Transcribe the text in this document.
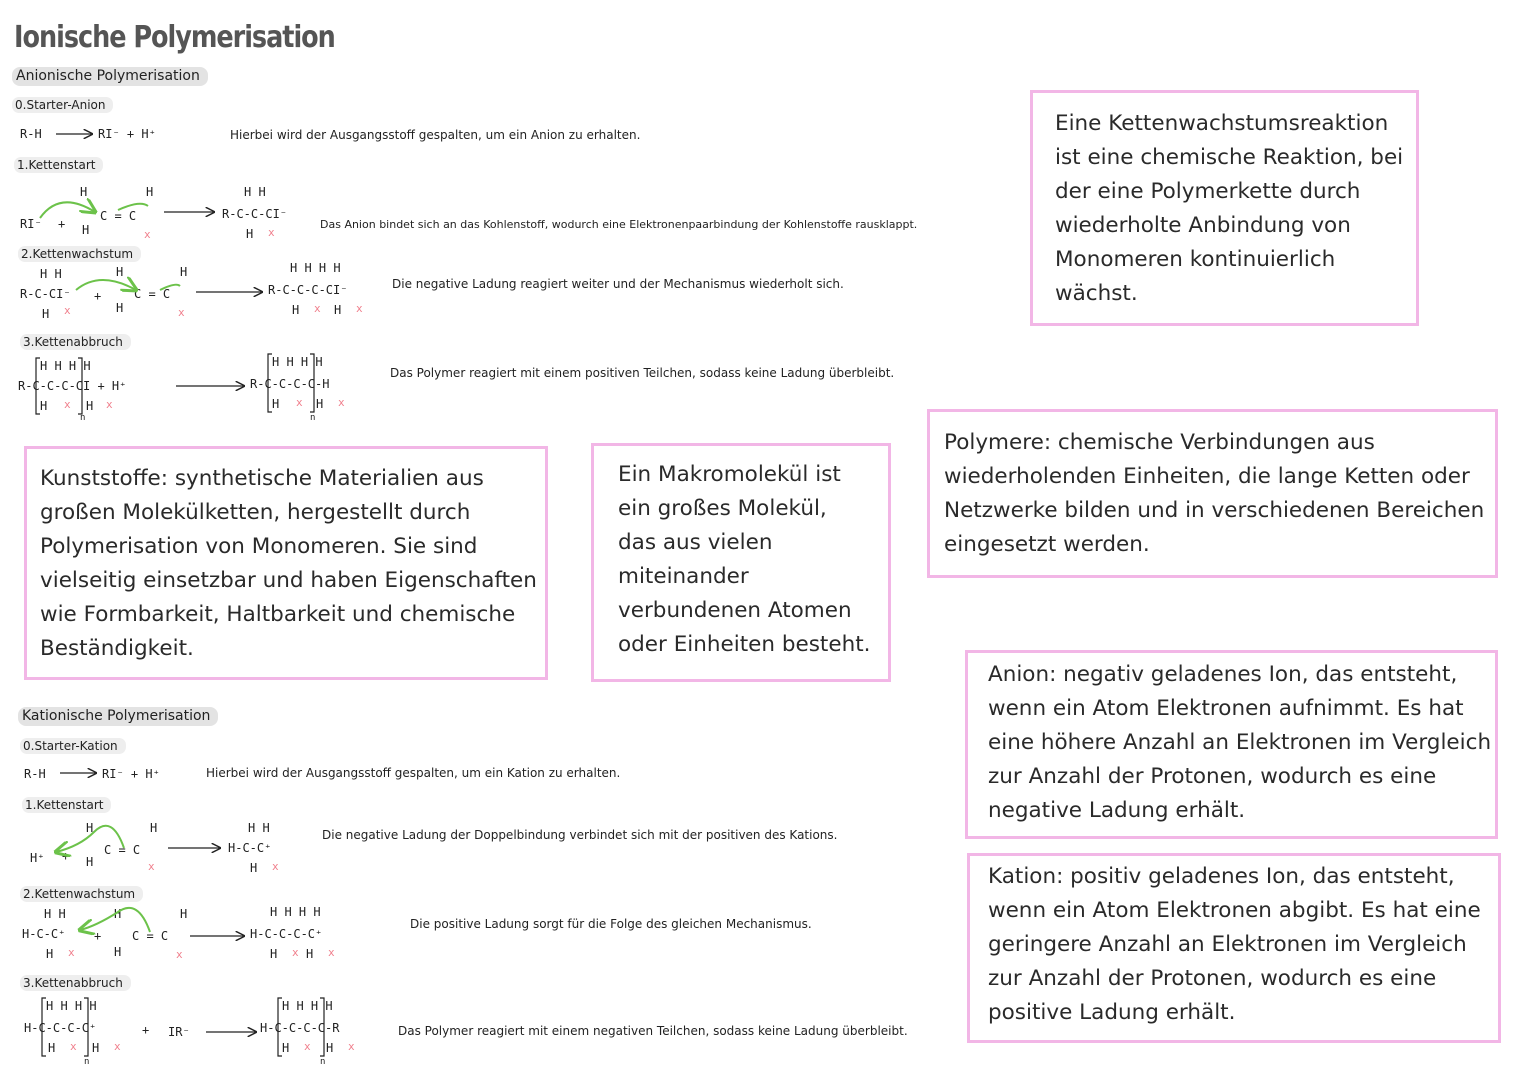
Ionische Polymerisation
Anionische Polymerisation
0.Starter-Anion
1.Kettenstart
2.Kettenwachstum
3.Kettenabbruch
Hierbei wird der Ausgangsstoff gespalten, um ein Anion zu erhalten.
Das Anion bindet sich an das Kohlenstoff, wodurch eine Elektronenpaarbindung der Kohlenstoffe rausklappt.
Die negative Ladung reagiert weiter und der Mechanismus wiederholt sich.
Das Polymer reagiert mit einem positiven Teilchen, sodass keine Ladung überbleibt.
Kationische Polymerisation
0.Starter-Kation
1.Kettenstart
2.Kettenwachstum
3.Kettenabbruch
Hierbei wird der Ausgangsstoff gespalten, um ein Kation zu erhalten.
Die negative Ladung der Doppelbindung verbindet sich mit der positiven des Kations.
Die positive Ladung sorgt für die Folge des gleichen Mechanismus.
Das Polymer reagiert mit einem negativen Teilchen, sodass keine Ladung überbleibt.
R-H	RI⁻ + H⁺
RI⁻ +
H	H
H
C = C
x
H H
R-C-C-CI⁻
H x
H H
R-C-CI⁻
H x
+
H	H
C = C
H	x
H H H H
R-C-C-C-CI⁻
H x H x
H H H H
R-C-C-C-CI + H⁺
H x H x
n
H H H H
R-C-C-C-C-H
H x H x
n
R-H	RI⁻ + H⁺
H⁺ +
H	H
H
C = C
x
H H
H-C-C⁺
H x
H H
H-C-C⁺
H x
+
H	H
C = C
H	x
H H H H
H-C-C-C-C⁺
H x H x
H H H H
H-C-C-C-C⁺
H x H x
n
+ IR⁻
H H H H
H-C-C-C-C-R
H x H x
n
Eine Kettenwachstumsreaktion
ist eine chemische Reaktion, bei
der eine Polymerkette durch
wiederholte Anbindung von
Monomeren kontinuierlich
wächst.
Polymere: chemische Verbindungen aus
wiederholenden Einheiten, die lange Ketten oder
Netzwerke bilden und in verschiedenen Bereichen
eingesetzt werden.
Kunststoffe: synthetische Materialien aus
großen Molekülketten, hergestellt durch
Polymerisation von Monomeren. Sie sind
vielseitig einsetzbar und haben Eigenschaften
wie Formbarkeit, Haltbarkeit und chemische
Beständigkeit.
Ein Makromolekül ist
ein großes Molekül,
das aus vielen
miteinander
verbundenen Atomen
oder Einheiten besteht.
Anion: negativ geladenes Ion, das entsteht,
wenn ein Atom Elektronen aufnimmt. Es hat
eine höhere Anzahl an Elektronen im Vergleich
zur Anzahl der Protonen, wodurch es eine
negative Ladung erhält.
Kation: positiv geladenes Ion, das entsteht,
wenn ein Atom Elektronen abgibt. Es hat eine
geringere Anzahl an Elektronen im Vergleich
zur Anzahl der Protonen, wodurch es eine
positive Ladung erhält.
